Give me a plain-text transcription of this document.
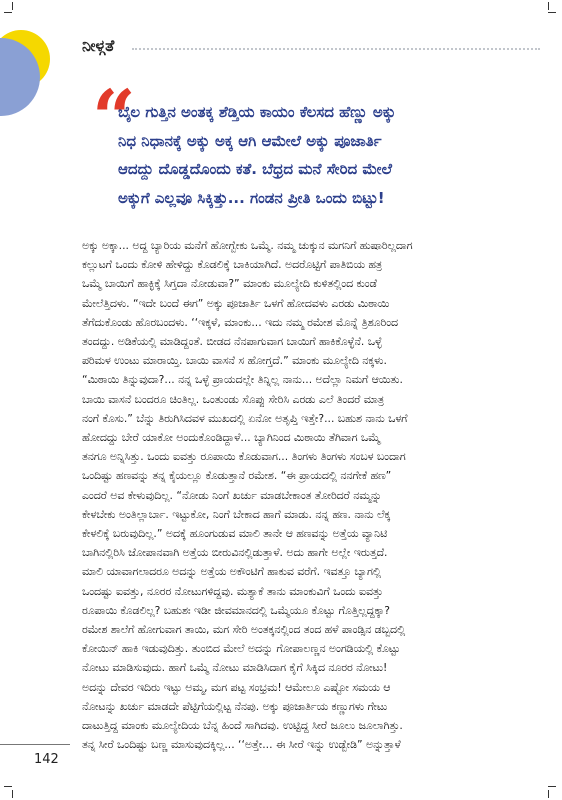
ನೀಳ್ಗತೆ
“
ಬೈಲ ಗುತ್ತಿನ ಅಂತಕ್ಕ ಶೆಡ್ತಿಯ ಕಾಯಂ ಕೆಲಸದ ಹೆಣ್ಣು ಅಕ್ಕು
ನಿಧ ನಿಧಾನಕ್ಕೆ ಅಕ್ಕು ಅಕ್ಕ ಆಗಿ ಆಮೇಲೆ ಅಕ್ಕು ಪೂಜಾರ್ತಿ
ಆದದ್ದು ದೊಡ್ಡದೊಂದು ಕತೆ. ಬೆಧ್ರದ ಮನೆ ಸೇರಿದ ಮೇಲೆ
ಅಕ್ಕುಗೆ ಎಲ್ಲವೂ ಸಿಕ್ಕಿತ್ತು... ಗಂಡನ ಪ್ರೀತಿ ಒಂದು ಬಿಟ್ಟು!
ಅಕ್ಕು ಅಕ್ಕಾ... ಅದ್ದ ಬ್ಯಾರಿಯ ಮನೆಗೆ ಹೋಗ್ಬೇಕು ಒಮ್ಮೆ. ನಮ್ಮ ಚುಕ್ಕುನ ಮಗನಿಗೆ ಹುಷಾರಿಲ್ಲದಾಗ
ಕಲ್ಲುಟಗೆ ಒಂದು ಕೋಳಿ ಹೇಳಿದ್ದು ಕೊಡಲಿಕ್ಕೆ ಬಾಕಿಯಾಗಿದೆ. ಅದರೊಟ್ಟಿಗೆ ಪಾತಿಬಿಯ ಹತ್ರ
ಒಮ್ಮೆ ಬಾಯಿಗೆ ಹಾಕ್ಳಿಕ್ಕೆ ಸಿಗ್ತದಾ ನೋಡುವಾ?” ಮಾಂಕು ಮೂಲ್ಯೇದಿ ಕುಳಿತಲ್ಲಿಂದ ಕುಂಡೆ
ಮೇಲೆತ್ತಿದಳು. “ಇದೇ ಬಂದೆ ಈಗ” ಅಕ್ಕು ಪೂಜಾರ್ತಿ ಒಳಗೆ ಹೋದವಳು ಎರಡು ಮಿಠಾಯಿ
ತೆಗೆದುಕೊಂಡು ಹೊರಬಂದಳು. ‘‘ಇಕ್ಕಳೆ, ಮಾಂಕು... ಇದು ನಮ್ಮ ರಮೇಶ ಮೊನ್ನೆ ತ್ರಿಶೂರಿಂದ
ತಂದದ್ದು. ಅಡಿಕೆಯಲ್ಲಿ ಮಾಡಿದ್ದಂತೆ. ಬೀಡದ ನೆನಪಾಗುವಾಗ ಬಾಯಿಗೆ ಹಾಕಿಕೊಳ್ಳೆನೆ. ಒಳ್ಳೆ
ಪರಿಮಳ ಉಂಟು ಮಾರಾಯ್ತಿ. ಬಾಯಿ ವಾಸನೆ ಸ ಹೋಗ್ತದೆ.” ಮಾಂಕು ಮೂಲ್ಯೇದಿ ನಕ್ಕಳು.
“ಮಿಠಾಯಿ ತಿನ್ನುವುದಾ?... ನನ್ನ ಒಳ್ಳೆ ಪ್ರಾಯದಲ್ಲೇ ತಿನ್ನಿಲ್ಲ ನಾನು... ಅದೆಲ್ಲಾ ನಿಮಗೆ ಆಯಿತು.
ಬಾಯಿ ವಾಸನೆ ಬಂದರೂ ಚಿಂತಿಲ್ಲ. ಒಂತುಂಡು ಸೊಪ್ಪು ಸೇರಿಸಿ ಎರಡು ಎಲೆ ತಿಂದರೆ ಮಾತ್ರ
ನಂಗೆ ಕೊಸು.” ಬೆನ್ನು ತಿರುಗಿಸಿದವಳ ಮುಖದಲ್ಲಿ ಏನೋ ಅತೃಪ್ತಿ ಇತ್ತೇ?... ಬಹುಶ ನಾನು ಒಳಗೆ
ಹೋದದ್ದು ಬೇರೆ ಯಾಕೋ ಅಂದುಕೊಂಡಿದ್ದಾಳೆ... ಬ್ಯಾಗಿನಿಂದ ಮಿಠಾಯಿ ತೆಗಿವಾಗ ಒಮ್ಮೆ
ತನಗೂ ಅನ್ನಿಸಿತ್ತು. ಒಂದು ಐವತ್ತು ರೂಪಾಯಿ ಕೊಡುವಾಗ... ತಿಂಗಳು ತಿಂಗಳು ಸಂಬಳ ಬಂದಾಗ
ಒಂದಿಷ್ಟು ಹಣವನ್ನು ತನ್ನ ಕೈಯಲ್ಲೂ ಕೊಡುತ್ತಾನೆ ರಮೇಶ. “ಈ ಪ್ರಾಯದಲ್ಲಿ ನನಗೇಕೆ ಹಣ”
ಎಂದರೆ ಅವ ಕೇಳುವುದಿಲ್ಲ. “ನೋಡು ನಿಂಗೆ ಖರ್ಚು ಮಾಡಬೇಕಾಂತ ತೋರಿದರೆ ನಮ್ಮನ್ನು
ಕೇಳಬೇಕು ಅಂತಿಲ್ಲಾರ್ಬಾ. ಇಟ್ಟುಕೋ, ನಿಂಗೆ ಬೇಕಾದ ಹಾಗೆ ಮಾಡು. ನನ್ನ ಹಣ. ನಾನು ಲೆಕ್ಕ
ಕೇಳಲಿಕ್ಕೆ ಬರುವುದಿಲ್ಲ.” ಅದಕ್ಕೆ ಹೂಂಗುಡುವ ಮಾಲಿ ತಾನೇ ಆ ಹಣವನ್ನು ಅತ್ತೆಯ ವ್ಯಾನಿಟಿ
ಬಾಗಿನಲ್ಲಿರಿಸಿ ಜೋಪಾನವಾಗಿ ಅತ್ತೆಯ ಬೀರುವಿನಲ್ಲಿಡುತ್ತಾಳೆ. ಅದು ಹಾಗೇ ಅಲ್ಲೇ ಇರುತ್ತದೆ.
ಮಾಲಿ ಯಾವಾಗಲಾದರೂ ಅದನ್ನು ಅತ್ತೆಯ ಅಕೌಂಟಿಗೆ ಹಾಕುವ ವರೆಗೆ. ಇವತ್ತೂ ಬ್ಯಾಗಲ್ಲಿ
ಒಂದಷ್ಟು ಐವತ್ತು, ನೂರರ ನೋಟುಗಳಿದ್ದವು. ಮತ್ಯಾಕೆ ತಾನು ಮಾಂಕುವಿಗೆ ಒಂದು ಐವತ್ತು
ರೂಪಾಯಿ ಕೊಡಲಿಲ್ಲ? ಬಹುಶಃ ಇಡೀ ಜೀವಮಾನದಲ್ಲಿ ಒಮ್ಮೆಯೂ ಕೊಟ್ಟು ಗೊತ್ತಿಲ್ಲದ್ದಕ್ಕಾ?
ರಮೇಶ ಶಾಲೆಗೆ ಹೋಗುವಾಗ ತಾಯಿ, ಮಗ ಸೇರಿ ಅಂತಕ್ಕನಲ್ಲಿಂದ ತಂದ ಹಳೆ ಪಾಂಡ್ಸಿನ ಡಬ್ಬದಲ್ಲಿ
ಕೋಯಿನ್ ಹಾಕಿ ಇಡುವುದಿತ್ತು. ತುಂಬಿದ ಮೇಲೆ ಅದನ್ನು ಗೋಪಾಲಣ್ಣನ ಅಂಗಡಿಯಲ್ಲಿ ಕೊಟ್ಟು
ನೋಟು ಮಾಡಿಸುವುದು. ಹಾಗೆ ಒಮ್ಮೆ ನೋಟು ಮಾಡಿಸಿದಾಗ ಕೈಗೆ ಸಿಕ್ಕಿದ ನೂರರ ನೋಟು!
ಅದನ್ನು ದೇವರ ಇದಿರು ಇಟ್ಟು ಅಮ್ಮ, ಮಗ ಪಟ್ಟ ಸಂಭ್ರಮ! ಆಮೇಲೂ ಎಷ್ಟೋ ಸಮಯ ಆ
ನೋಟನ್ನು ಖರ್ಚು ಮಾಡದೇ ಪೆಟ್ಟಿಗೆಯಲ್ಲಿಟ್ಟ ನೆನಪು. ಅಕ್ಕು ಪೂಜಾರ್ತಿಯ ಕಣ್ಣುಗಳು ಗೇಟು
ದಾಟುತ್ತಿದ್ದ ಮಾಂಕು ಮೂಲ್ಯೇದಿಯ ಬೆನ್ನ ಹಿಂದೆ ಸಾಗಿದವು. ಉಟ್ಟಿದ್ದ ಸೀರೆ ಜೂಲು ಜೂಲಾಗಿತ್ತು.
ತನ್ನ ಸೀರೆ ಒಂದಿಷ್ಟು ಬಣ್ಣ ಮಾಸುವುದಕ್ಕಿಲ್ಲ... ‘‘ಅತ್ತೇ... ಈ ಸೀರೆ ಇನ್ನು ಉಡ್ಬೇಡಿ” ಅನ್ನುತ್ತಾಳೆ
142
